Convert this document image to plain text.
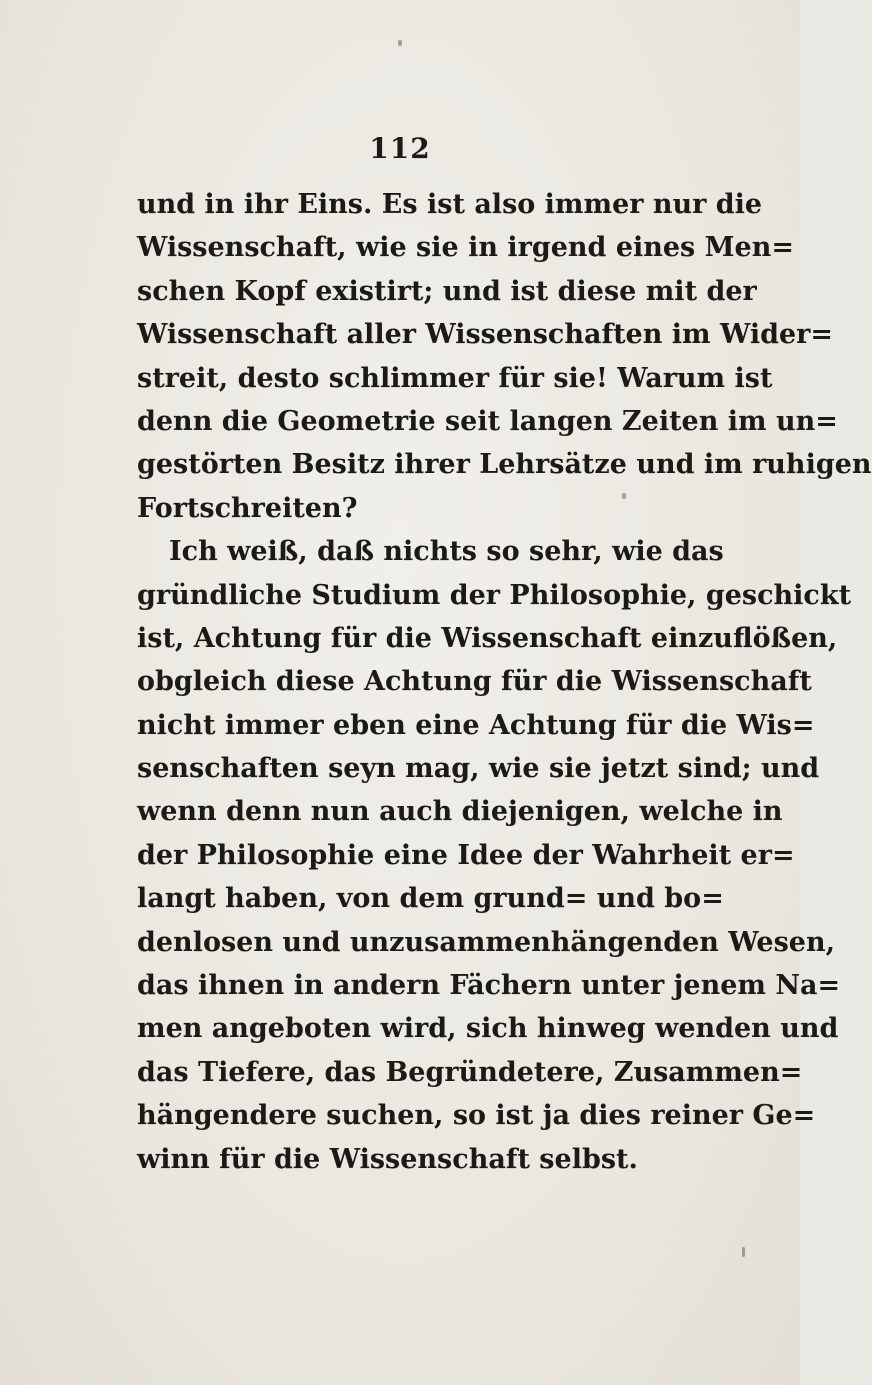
112
und in ihr Eins. Es ist also immer nur die
Wissenschaft, wie sie in irgend eines Men=
schen Kopf existirt; und ist diese mit der
Wissenschaft aller Wissenschaften im Wider=
streit, desto schlimmer für sie! Warum ist
denn die Geometrie seit langen Zeiten im un=
gestörten Besitz ihrer Lehrsätze und im ruhigen
Fortschreiten?
Ich weiß, daß nichts so sehr, wie das
gründliche Studium der Philosophie, geschickt
ist, Achtung für die Wissenschaft einzuflößen,
obgleich diese Achtung für die Wissenschaft
nicht immer eben eine Achtung für die Wis=
senschaften seyn mag, wie sie jetzt sind; und
wenn denn nun auch diejenigen, welche in
der Philosophie eine Idee der Wahrheit er=
langt haben, von dem grund= und bo=
denlosen und unzusammenhängenden Wesen,
das ihnen in andern Fächern unter jenem Na=
men angeboten wird, sich hinweg wenden und
das Tiefere, das Begründetere, Zusammen=
hängendere suchen, so ist ja dies reiner Ge=
winn für die Wissenschaft selbst.
